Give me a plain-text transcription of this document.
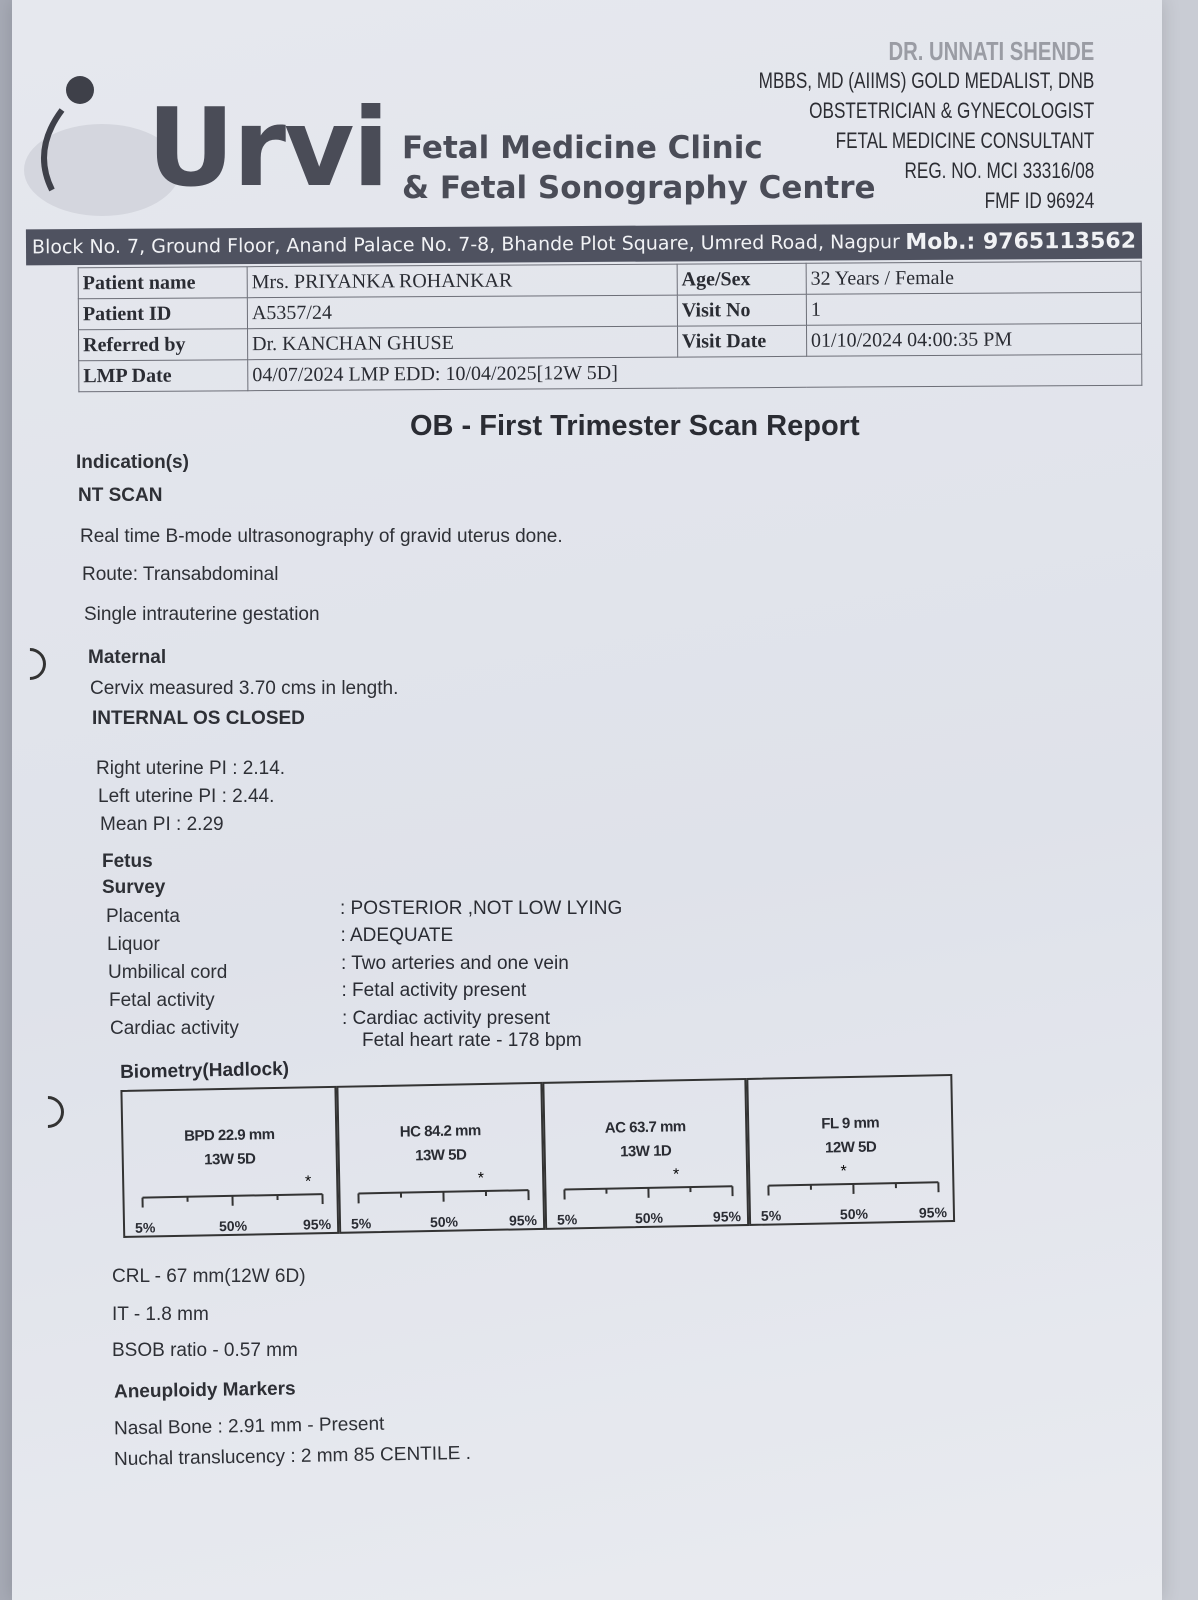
Urvi Fetal Medicine Clinic
& Fetal Sonography Centre
DR. UNNATI SHENDE
MBBS, MD (AIIMS) GOLD MEDALIST, DNB
OBSTETRICIAN & GYNECOLOGIST
FETAL MEDICINE CONSULTANT
REG. NO. MCI 33316/08
FMF ID 96924
Block No. 7, Ground Floor, Anand Palace No. 7-8, Bhande Plot Square, Umred Road, Nagpur Mob.: 9765113562
Patient name	Mrs. PRIYANKA ROHANKAR	Age/Sex	32 Years / Female
Patient ID	A5357/24	Visit No	1
Referred by	Dr. KANCHAN GHUSE	Visit Date	01/10/2024 04:00:35 PM
LMP Date	04/07/2024 LMP EDD: 10/04/2025[12W 5D]		
OB - First Trimester Scan Report
Indication(s)
NT SCAN
Real time B-mode ultrasonography of gravid uterus done.
Route: Transabdominal
Single intrauterine gestation
Maternal
Cervix measured 3.70 cms in length.
INTERNAL OS CLOSED
Right uterine PI : 2.14.
Left uterine PI : 2.44.
Mean PI : 2.29
Fetus
Survey
Placenta	: POSTERIOR ,NOT LOW LYING
Liquor	: ADEQUATE
Umbilical cord	: Two arteries and one vein
Fetal activity	: Fetal activity present
Cardiac activity	: Cardiac activity present
Fetal heart rate - 178 bpm
Biometry(Hadlock)
BPD 22.9 mm
13W 5D
*
5%	50%	95%
HC 84.2 mm
13W 5D
*
5%	50%	95%
AC 63.7 mm
13W 1D
*
5%	50%	95%
FL 9 mm
12W 5D
*
5%	50%	95%
CRL - 67 mm(12W 6D)
IT - 1.8 mm
BSOB ratio - 0.57 mm
Aneuploidy Markers
Nasal Bone : 2.91 mm - Present
Nuchal translucency : 2 mm 85 CENTILE .
